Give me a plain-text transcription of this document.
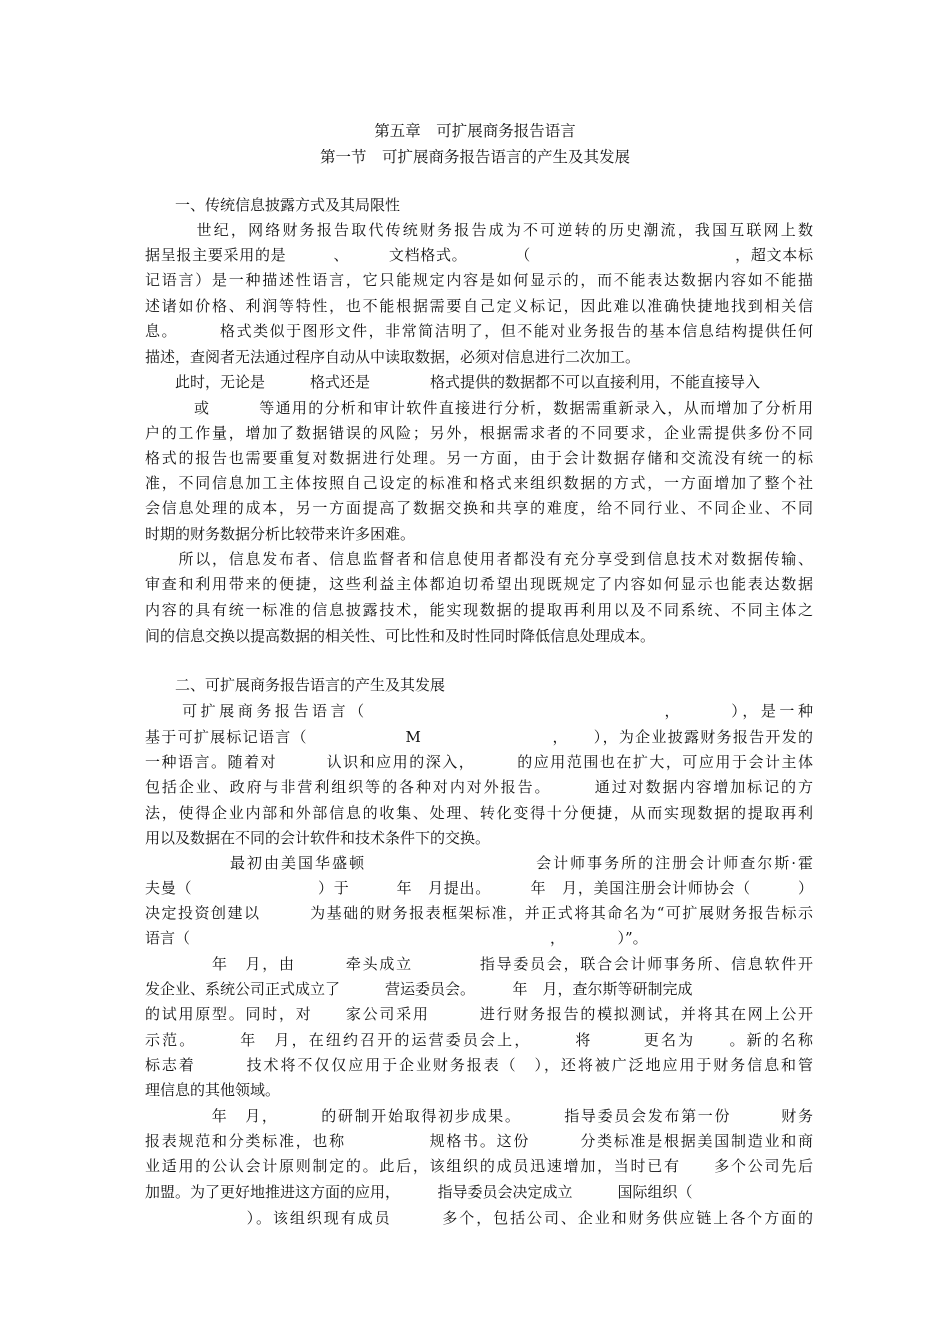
第五章　可扩展商务报告语言
第一节　可扩展商务报告语言的产生及其发展
　　一、传统信息披露方式及其局限性
　　　世纪，网络财务报告取代传统财务报告成为不可逆转的历史潮流，我国互联网上数
据呈报主要采用的是　　　、　　　文档格式。　　　　（　　　　　　　　　　　　　，超文本标
记语言）是一种描述性语言，它只能规定内容是如何显示的，而不能表达数据内容如不能描
述诸如价格、利润等特性，也不能根据需要自己定义标记，因此难以准确快捷地找到相关信
息。　　　格式类似于图形文件，非常简洁明了，但不能对业务报告的基本信息结构提供任何
描述，查阅者无法通过程序自动从中读取数据，必须对信息进行二次加工。
　　此时，无论是　　　格式还是　　　　格式提供的数据都不可以直接利用，不能直接导入
　　　或　　　等通用的分析和审计软件直接进行分析，数据需重新录入，从而增加了分析用
户的工作量，增加了数据错误的风险；另外，根据需求者的不同要求，企业需提供多份不同
格式的报告也需要重复对数据进行处理。另一方面，由于会计数据存储和交流没有统一的标
准，不同信息加工主体按照自己设定的标准和格式来组织数据的方式，一方面增加了整个社
会信息处理的成本，另一方面提高了数据交换和共享的难度，给不同行业、不同企业、不同
时期的财务数据分析比较带来许多困难。
　　所以，信息发布者、信息监督者和信息使用者都没有充分享受到信息技术对数据传输、
审查和利用带来的便捷，这些利益主体都迫切希望出现既规定了内容如何显示也能表达数据
内容的具有统一标准的信息披露技术，能实现数据的提取再利用以及不同系统、不同主体之
间的信息交换以提高数据的相关性、可比性和及时性同时降低信息处理成本。
　　二、可扩展商务报告语言的产生及其发展
　　可扩展商务报告语言（　　　　　　　　　　　　　　　　，　　　），是一种
基于可扩展标记语言（　　　　　　M　　　　　　　　，　　），为企业披露财务报告开发的
一种语言。随着对　　　认识和应用的深入，　　　的应用范围也在扩大，可应用于会计主体
包括企业、政府与非营利组织等的各种对内对外报告。　　　通过对数据内容增加标记的方
法，使得企业内部和外部信息的收集、处理、转化变得十分便捷，从而实现数据的提取再利
用以及数据在不同的会计软件和技术条件下的交换。
　　　　　最初由美国华盛顿　　　　　　　　　　会计师事务所的注册会计师查尔斯·霍
夫曼（　　　　　　　　）于　　　年　月提出。　　　年　月，美国注册会计师协会（　　　）
决定投资创建以　　　为基础的财务报表框架标准，并正式将其命名为“可扩展财务报告标示
语言（　　　　　　　　　　　　　　　　　　　　　　　　，　　　　）”。
　　　　年　月，由　　　牵头成立　　　　指导委员会，联合会计师事务所、信息软件开
发企业、系统公司正式成立了　　　营运委员会。　　　年　月，查尔斯等研制完成
的试用原型。同时，对　　家公司采用　　　进行财务报告的模拟测试，并将其在网上公开
示范。　　　年　月，在纽约召开的运营委员会上，　　　将　　　更名为　　。新的名称
标志着　　　技术将不仅仅应用于企业财务报表（　），还将被广泛地应用于财务信息和管
理信息的其他领域。
　　　　年　月，　　　的研制开始取得初步成果。　　　指导委员会发布第一份　　　财务
报表规范和分类标准，也称　　　　　规格书。这份　　　分类标准是根据美国制造业和商
业适用的公认会计原则制定的。此后，该组织的成员迅速增加，当时已有　　多个公司先后
加盟。为了更好地推进这方面的应用，　　　指导委员会决定成立　　　国际组织（
　　　　　　）。该组织现有成员　　　多个，包括公司、企业和财务供应链上各个方面的
